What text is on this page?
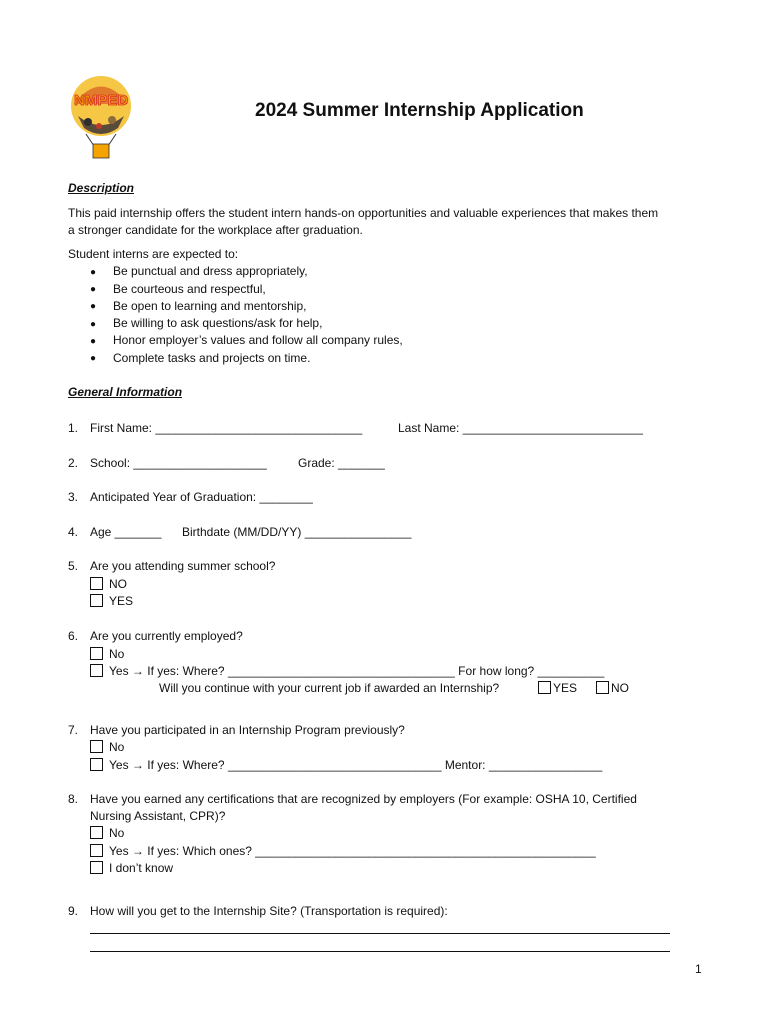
NMPED	2024 Summer Internship Application
Description
This paid internship offers the student intern hands-on opportunities and valuable experiences that makes them
a stronger candidate for the workplace after graduation.
Student interns are expected to:
● Be punctual and dress appropriately,
● Be courteous and respectful,
● Be open to learning and mentorship,
● Be willing to ask questions/ask for help,
● Honor employer’s values and follow all company rules,
● Complete tasks and projects on time.
General Information
1. First Name: _______________________________	Last Name: ___________________________
2. School: ____________________	Grade: _______
3. Anticipated Year of Graduation: ________
4. Age _______ Birthdate (MM/DD/YY) ________________
5. Are you attending summer school?
NO
YES
6. Are you currently employed?
No
Yes → If yes: Where? __________________________________ For how long? __________
Will you continue with your current job if awarded an Internship?	YES	NO
7. Have you participated in an Internship Program previously?
No
Yes → If yes: Where? ________________________________ Mentor: _________________
8. Have you earned any certifications that are recognized by employers (For example: OSHA 10, Certified
Nursing Assistant, CPR)?
No
Yes → If yes: Which ones? ___________________________________________________
I don’t know
9. How will you get to the Internship Site? (Transportation is required):
1
